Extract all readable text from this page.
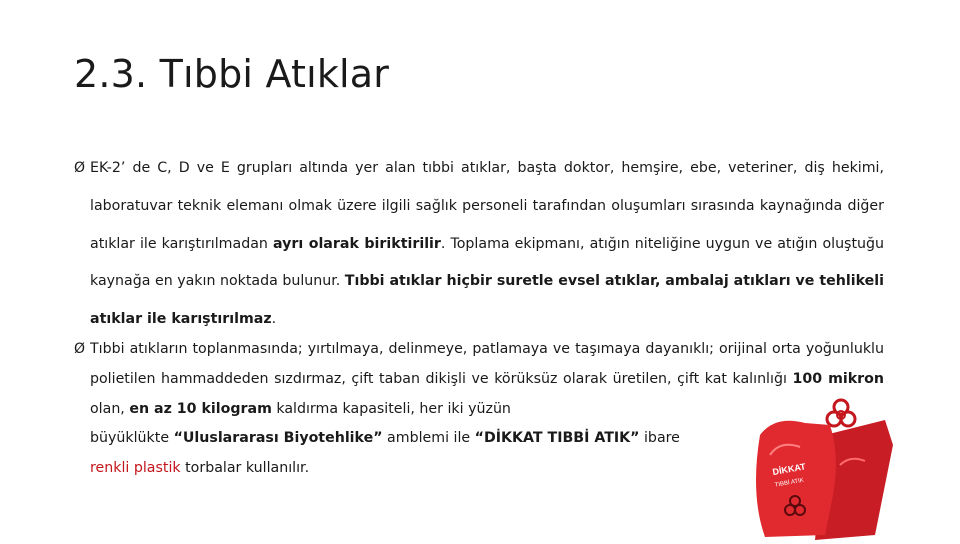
2.3. Tıbbi Atıklar
Ø EK-2’ de C, D ve E grupları altında yer alan tıbbi atıklar, başta doktor, hemşire, ebe, veteriner, diş hekimi, laboratuvar teknik elemanı olmak üzere ilgili sağlık personeli tarafından oluşumları sırasında kaynağında diğer atıklar ile karıştırılmadan ayrı olarak biriktirilir. Toplama ekipmanı, atığın niteliğine uygun ve atığın oluştuğu kaynağa en yakın noktada bulunur. Tıbbi atıklar hiçbir suretle evsel atıklar, ambalaj atıkları ve tehlikeli atıklar ile karıştırılmaz.
Ø Tıbbi atıkların toplanmasında; yırtılmaya, delinmeye, patlamaya ve taşımaya dayanıklı; orijinal orta yoğunluklu polietilen hammaddeden sızdırmaz, çift taban dikişli ve körüksüz olarak üretilen, çift kat kalınlığı 100 mikron olan, en az 10 kilogram kaldırma kapasiteli, her iki yüzün
büyüklükte “Uluslararası Biyotehlike” amblemi ile “DİKKAT TIBBİ ATIK” ibare
renkli plastik torbalar kullanılır.	DİKKAT
TIBBİ ATIK
